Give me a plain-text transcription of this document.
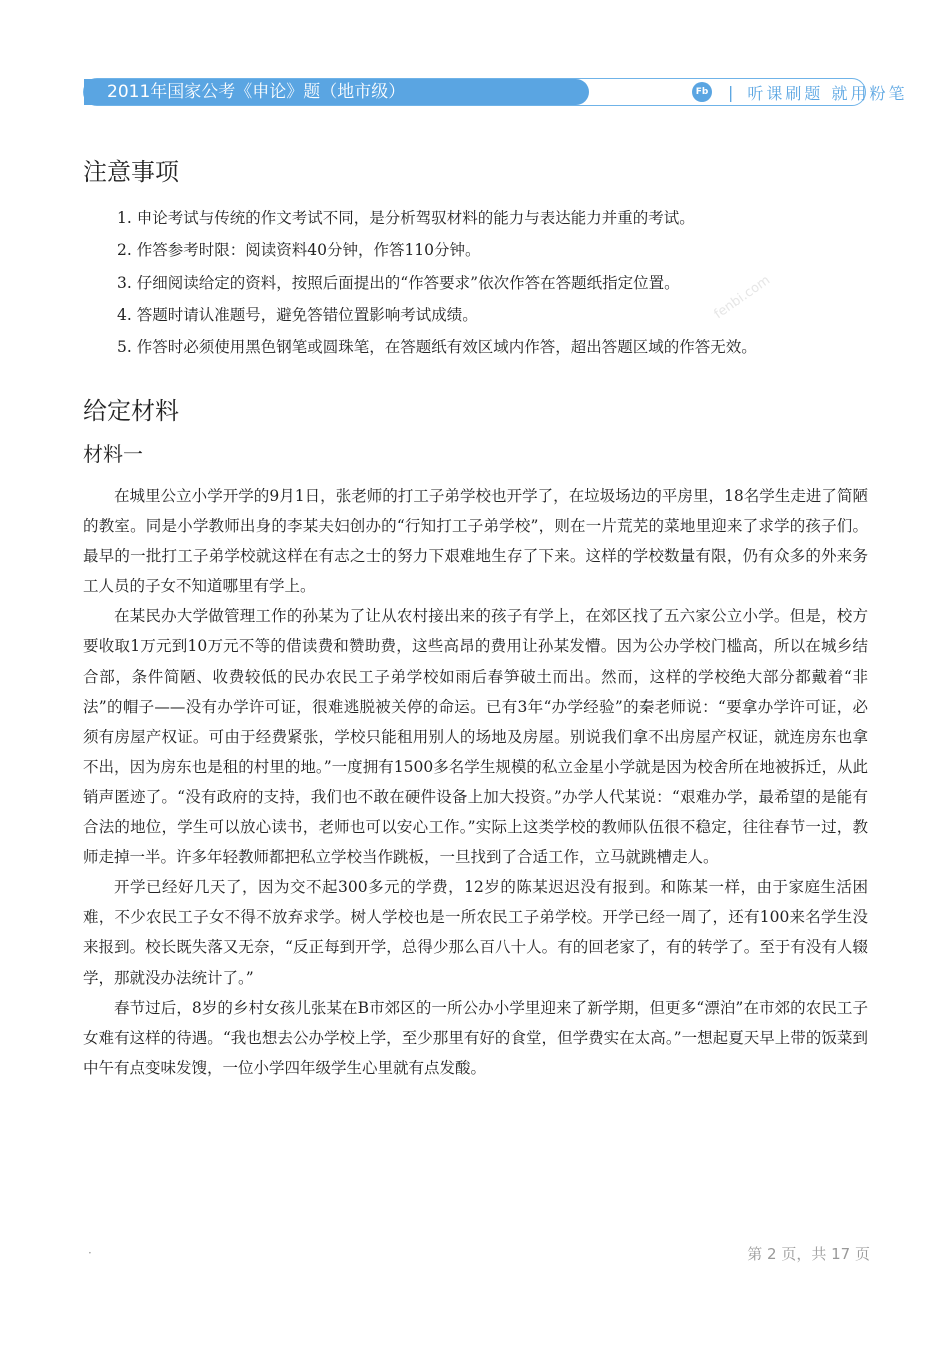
2011年国家公考《申论》题（地市级）	Fb | 听课刷题 就用粉笔
注意事项
1. 申论考试与传统的作文考试不同，是分析驾驭材料的能力与表达能力并重的考试。
2. 作答参考时限：阅读资料40分钟，作答110分钟。
3. 仔细阅读给定的资料，按照后面提出的“作答要求”依次作答在答题纸指定位置。
4. 答题时请认准题号，避免答错位置影响考试成绩。
5. 作答时必须使用黑色钢笔或圆珠笔，在答题纸有效区域内作答，超出答题区域的作答无效。
fenbi.com
给定材料
材料一

在城里公立小学开学的9月1日，张老师的打工子弟学校也开学了，在垃圾场边的平房里，18名学生走进了简陋的教室。同是小学教师出身的李某夫妇创办的“行知打工子弟学校”，则在一片荒芜的菜地里迎来了求学的孩子们。最早的一批打工子弟学校就这样在有志之士的努力下艰难地生存了下来。这样的学校数量有限，仍有众多的外来务工人员的子女不知道哪里有学上。

在某民办大学做管理工作的孙某为了让从农村接出来的孩子有学上，在郊区找了五六家公立小学。但是，校方要收取1万元到10万元不等的借读费和赞助费，这些高昂的费用让孙某发懵。因为公办学校门槛高，所以在城乡结合部，条件简陋、收费较低的民办农民工子弟学校如雨后春笋破土而出。然而，这样的学校绝大部分都戴着“非法”的帽子——没有办学许可证，很难逃脱被关停的命运。已有3年“办学经验”的秦老师说：“要拿办学许可证，必须有房屋产权证。可由于经费紧张，学校只能租用别人的场地及房屋。别说我们拿不出房屋产权证，就连房东也拿不出，因为房东也是租的村里的地。”一度拥有1500多名学生规模的私立金星小学就是因为校舍所在地被拆迁，从此销声匿迹了。“没有政府的支持，我们也不敢在硬件设备上加大投资。”办学人代某说：“艰难办学，最希望的是能有合法的地位，学生可以放心读书，老师也可以安心工作。”实际上这类学校的教师队伍很不稳定，往往春节一过，教师走掉一半。许多年轻教师都把私立学校当作跳板，一旦找到了合适工作，立马就跳槽走人。

开学已经好几天了，因为交不起300多元的学费，12岁的陈某迟迟没有报到。和陈某一样，由于家庭生活困难，不少农民工子女不得不放弃求学。树人学校也是一所农民工子弟学校。开学已经一周了，还有100来名学生没来报到。校长既失落又无奈，“反正每到开学，总得少那么百八十人。有的回老家了，有的转学了。至于有没有人辍学，那就没办法统计了。”

春节过后，8岁的乡村女孩儿张某在B市郊区的一所公办小学里迎来了新学期，但更多“漂泊”在市郊的农民工子女难有这样的待遇。“我也想去公办学校上学，至少那里有好的食堂，但学费实在太高。”一想起夏天早上带的饭菜到中午有点变味发馊，一位小学四年级学生心里就有点发酸。

·	第 2 页，共 17 页
